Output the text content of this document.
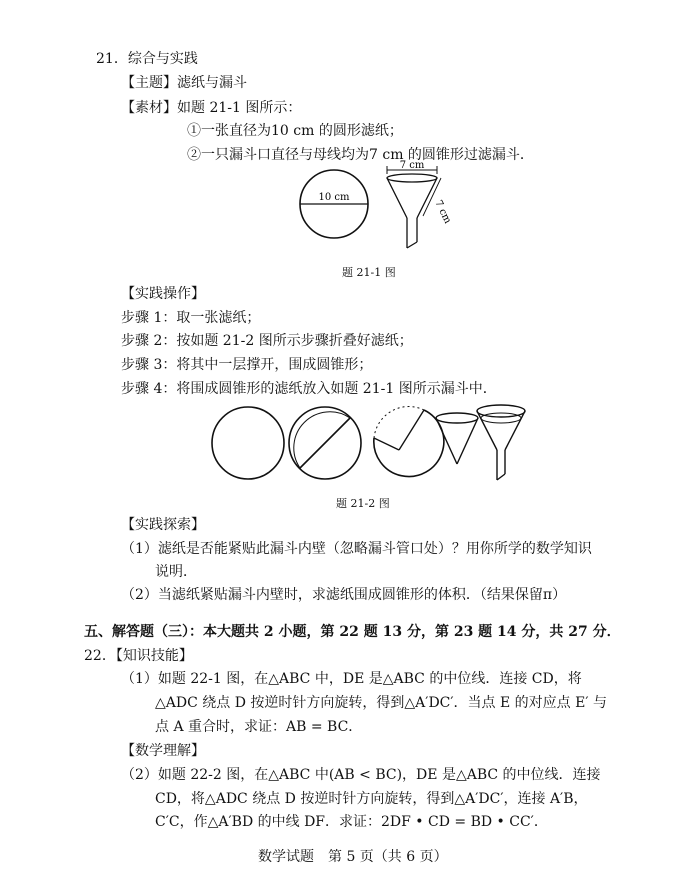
21．综合与实践
【主题】滤纸与漏斗
【素材】如题 21-1 图所示：
①一张直径为10 cm 的圆形滤纸；
②一只漏斗口直径与母线均为7 cm 的圆锥形过滤漏斗．
10 cm
7 cm
7 cm
题 21-1 图
【实践操作】
步骤 1：取一张滤纸；
步骤 2：按如题 21-2 图所示步骤折叠好滤纸；
步骤 3：将其中一层撑开，围成圆锥形；
步骤 4：将围成圆锥形的滤纸放入如题 21-1 图所示漏斗中．
题 21-2 图
【实践探索】
（1）滤纸是否能紧贴此漏斗内壁（忽略漏斗管口处）？用你所学的数学知识
说明．
（2）当滤纸紧贴漏斗内壁时，求滤纸围成圆锥形的体积．（结果保留π）
五、解答题（三）：本大题共 2 小题，第 22 题 13 分，第 23 题 14 分，共 27 分．
22．【知识技能】
（1）如题 22-1 图，在△ABC 中，DE 是△ABC 的中位线．连接 CD，将
△ADC 绕点 D 按逆时针方向旋转，得到△A′DC′．当点 E 的对应点 E′ 与
点 A 重合时，求证：AB = BC．
【数学理解】
（2）如题 22-2 图，在△ABC 中(AB < BC)，DE 是△ABC 的中位线．连接
CD，将△ADC 绕点 D 按逆时针方向旋转，得到△A′DC′，连接 A′B，
C′C，作△A′BD 的中线 DF．求证：2DF • CD = BD • CC′．
数学试题　第 5 页（共 6 页）
